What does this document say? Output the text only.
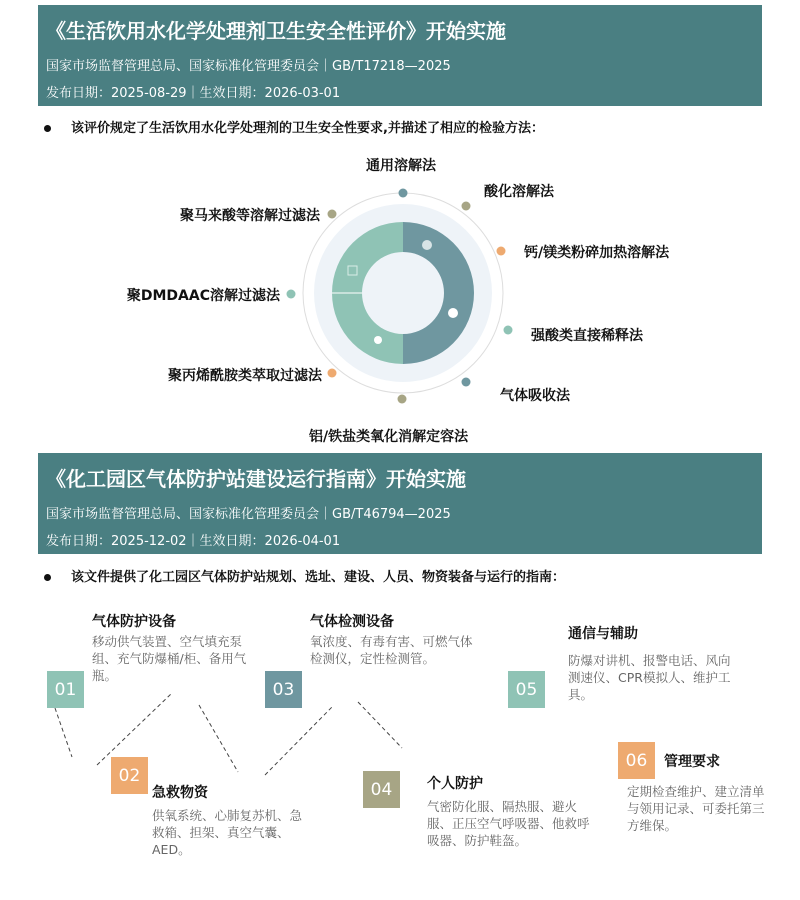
《生活饮用水化学处理剂卫生安全性评价》开始实施
国家市场监督管理总局、国家标准化管理委员会｜GB/T17218—2025
发布日期：2025-08-29｜生效日期：2026-03-01
该评价规定了生活饮用水化学处理剂的卫生安全性要求,并描述了相应的检验方法：
通用溶解法
酸化溶解法
钙/镁类粉碎加热溶解法
强酸类直接稀释法
气体吸收法
铝/铁盐类氧化消解定容法
聚丙烯酰胺类萃取过滤法
聚DMDAAC溶解过滤法
聚马来酸等溶解过滤法
《化工园区气体防护站建设运行指南》开始实施
国家市场监督管理总局、国家标准化管理委员会｜GB/T46794—2025
发布日期：2025-12-02｜生效日期：2026-04-01
该文件提供了化工园区气体防护站规划、选址、建设、人员、物资装备与运行的指南：
01
气体防护设备
移动供气装置、空气填充泵组、充气防爆桶/柜、备用气瓶。
02
急救物资
供氧系统、心肺复苏机、急救箱、担架、真空气囊、AED。
03
气体检测设备
氧浓度、有毒有害、可燃气体检测仪，定性检测管。
04	个人防护
气密防化服、隔热服、避火服、正压空气呼吸器、他救呼吸器、防护鞋盔。
05
通信与辅助
防爆对讲机、报警电话、风向测速仪、CPR模拟人、维护工具。
06	管理要求
定期检查维护、建立清单与领用记录、可委托第三方维保。
